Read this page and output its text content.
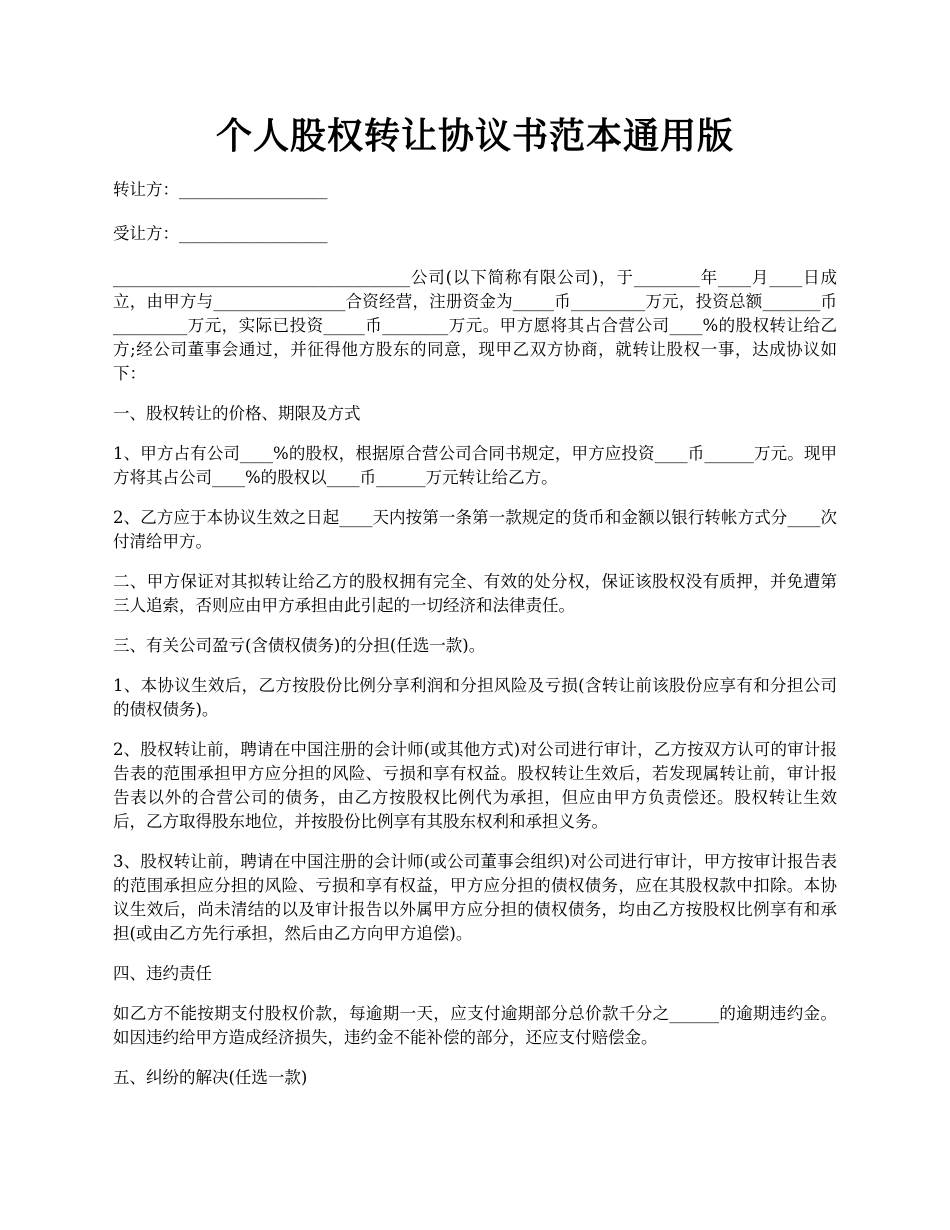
个人股权转让协议书范本通用版

转让方：__________________

受让方：__________________

____________________________________公司(以下简称有限公司)，于________年____月____日成立，由甲方与________________合资经营，注册资金为_____币_________万元，投资总额_______币_________万元，实际已投资_____币________万元。甲方愿将其占合营公司____%的股权转让给乙方;经公司董事会通过，并征得他方股东的同意，现甲乙双方协商，就转让股权一事，达成协议如下：

一、股权转让的价格、期限及方式

1、甲方占有公司____%的股权，根据原合营公司合同书规定，甲方应投资____币______万元。现甲方将其占公司____%的股权以____币______万元转让给乙方。

2、乙方应于本协议生效之日起____天内按第一条第一款规定的货币和金额以银行转帐方式分____次付清给甲方。

二、甲方保证对其拟转让给乙方的股权拥有完全、有效的处分权，保证该股权没有质押，并免遭第三人追索，否则应由甲方承担由此引起的一切经济和法律责任。

三、有关公司盈亏(含债权债务)的分担(任选一款)。

1、本协议生效后，乙方按股份比例分享利润和分担风险及亏损(含转让前该股份应享有和分担公司的债权债务)。

2、股权转让前，聘请在中国注册的会计师(或其他方式)对公司进行审计，乙方按双方认可的审计报告表的范围承担甲方应分担的风险、亏损和享有权益。股权转让生效后，若发现属转让前，审计报告表以外的合营公司的债务，由乙方按股权比例代为承担，但应由甲方负责偿还。股权转让生效后，乙方取得股东地位，并按股份比例享有其股东权利和承担义务。

3、股权转让前，聘请在中国注册的会计师(或公司董事会组织)对公司进行审计，甲方按审计报告表的范围承担应分担的风险、亏损和享有权益，甲方应分担的债权债务，应在其股权款中扣除。本协议生效后，尚未清结的以及审计报告以外属甲方应分担的债权债务，均由乙方按股权比例享有和承担(或由乙方先行承担，然后由乙方向甲方追偿)。

四、违约责任

如乙方不能按期支付股权价款，每逾期一天，应支付逾期部分总价款千分之______的逾期违约金。如因违约给甲方造成经济损失，违约金不能补偿的部分，还应支付赔偿金。

五、纠纷的解决(任选一款)
